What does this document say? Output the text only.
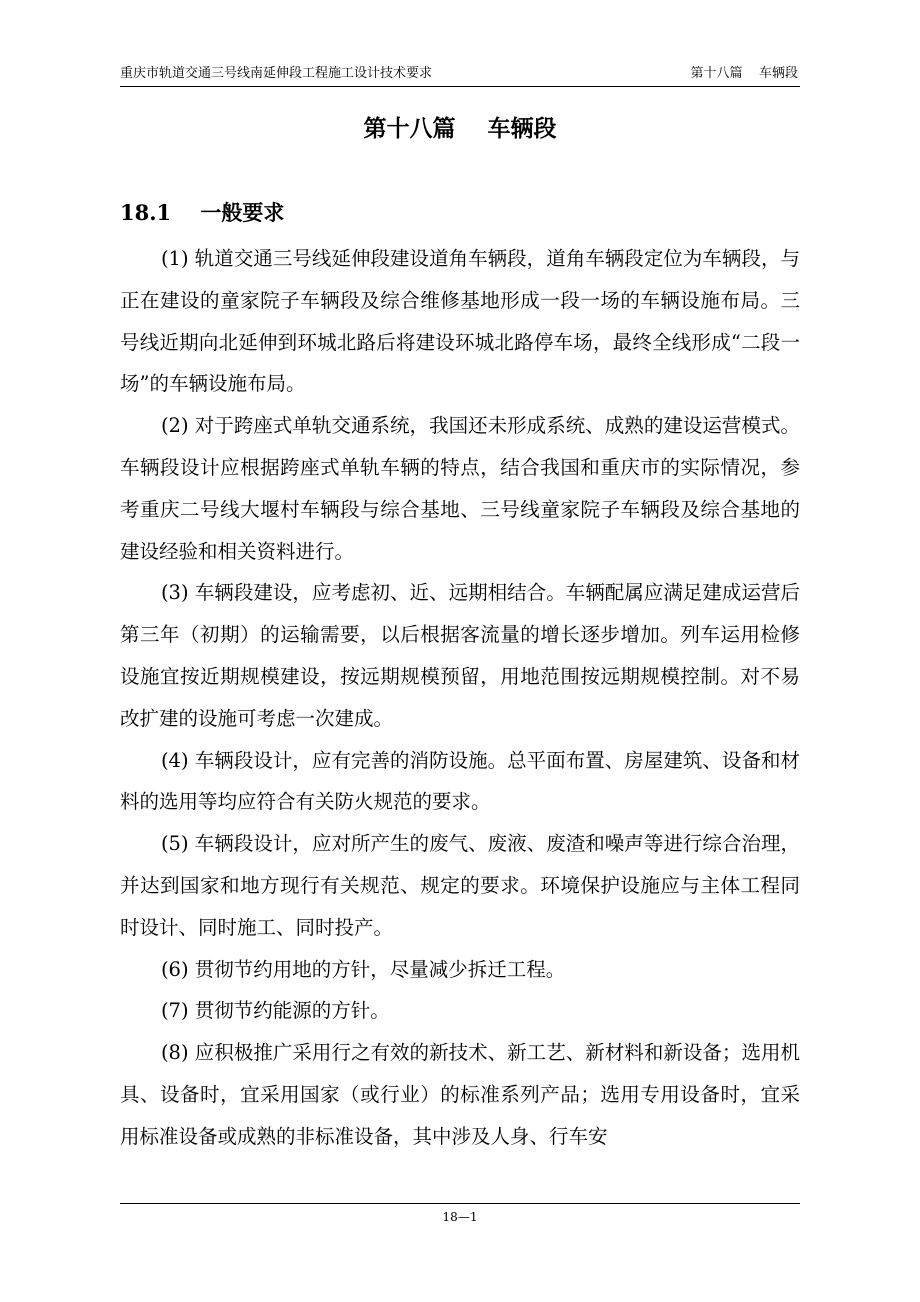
重庆市轨道交通三号线南延伸段工程施工设计技术要求	第十八篇    车辆段
第十八篇    车辆段
18.1    一般要求

(1) 轨道交通三号线延伸段建设道角车辆段，道角车辆段定位为车辆段，与正在建设的童家院子车辆段及综合维修基地形成一段一场的车辆设施布局。三号线近期向北延伸到环城北路后将建设环城北路停车场，最终全线形成“二段一场”的车辆设施布局。

(2) 对于跨座式单轨交通系统，我国还未形成系统、成熟的建设运营模式。车辆段设计应根据跨座式单轨车辆的特点，结合我国和重庆市的实际情况，参考重庆二号线大堰村车辆段与综合基地、三号线童家院子车辆段及综合基地的建设经验和相关资料进行。

(3) 车辆段建设，应考虑初、近、远期相结合。车辆配属应满足建成运营后第三年（初期）的运输需要，以后根据客流量的增长逐步增加。列车运用检修设施宜按近期规模建设，按远期规模预留，用地范围按远期规模控制。对不易改扩建的设施可考虑一次建成。

(4) 车辆段设计，应有完善的消防设施。总平面布置、房屋建筑、设备和材料的选用等均应符合有关防火规范的要求。

(5) 车辆段设计，应对所产生的废气、废液、废渣和噪声等进行综合治理，并达到国家和地方现行有关规范、规定的要求。环境保护设施应与主体工程同时设计、同时施工、同时投产。

(6) 贯彻节约用地的方针，尽量减少拆迁工程。

(7) 贯彻节约能源的方针。

(8) 应积极推广采用行之有效的新技术、新工艺、新材料和新设备；选用机具、设备时，宜采用国家（或行业）的标准系列产品；选用专用设备时，宜采用标准设备或成熟的非标准设备，其中涉及人身、行车安

18—1
